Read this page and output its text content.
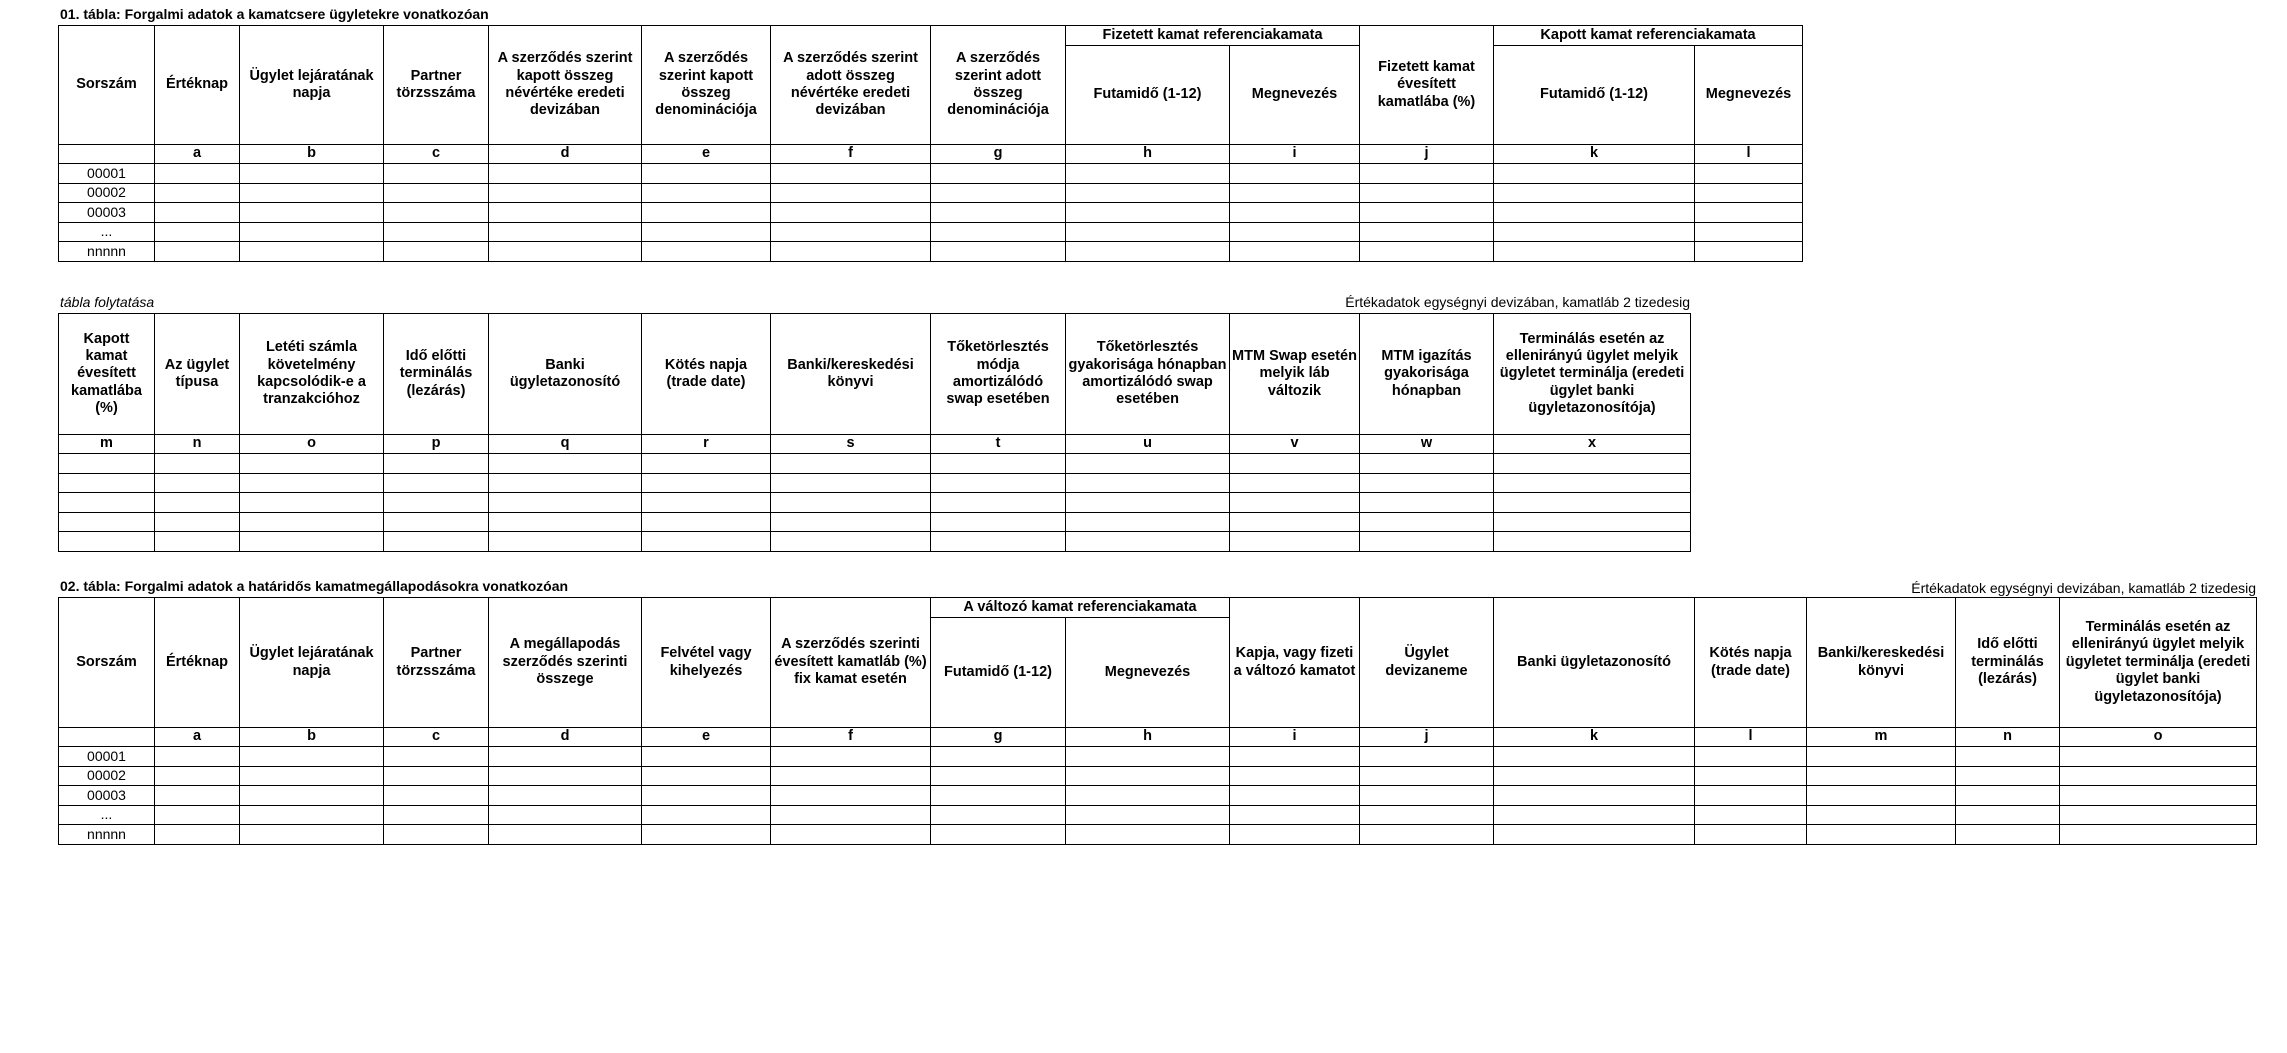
01. tábla: Forgalmi adatok a kamatcsere ügyletekre vonatkozóan
Sorszám	Értéknap	Ügylet lejáratának napja	Partner törzsszáma	A szerződés szerint kapott összeg névértéke eredeti devizában	A szerződés szerint kapott összeg denominációja	A szerződés szerint adott összeg névértéke eredeti devizában	A szerződés szerint adott összeg denominációja	Fizetett kamat referenciakamata		Fizetett kamat évesített kamatlába (%)	Kapott kamat referenciakamata	
								Futamidő (1-12)	Megnevezés		Futamidő (1-12)	Megnevezés
	a	b	c	d	e	f	g	h	i	j	k	l
00001												
00002												
00003												
...												
nnnnn												
tábla folytatása	Értékadatok egységnyi devizában, kamatláb 2 tizedesig
Kapott kamat évesített kamatlába (%)	Az ügylet típusa	Letéti számla követelmény kapcsolódik-e a tranzakcióhoz	Idő előtti terminálás (lezárás)	Banki ügyletazonosító	Kötés napja (trade date)	Banki/kereskedési könyvi	Tőketörlesztés módja amortizálódó swap esetében	Tőketörlesztés gyakorisága hónapban amortizálódó swap esetében	MTM Swap esetén melyik láb változik	MTM igazítás gyakorisága hónapban	Terminálás esetén az ellenirányú ügylet melyik ügyletet terminálja (eredeti ügylet banki ügyletazonosítója)
m	n	o	p	q	r	s	t	u	v	w	x

02. tábla: Forgalmi adatok a határidős kamatmegállapodásokra vonatkozóan	Értékadatok egységnyi devizában, kamatláb 2 tizedesig
Sorszám	Értéknap	Ügylet lejáratának napja	Partner törzsszáma	A megállapodás szerződés szerinti összege	Felvétel vagy kihelyezés	A szerződés szerinti évesített kamatláb (%) fix kamat esetén	A változó kamat referenciakamata		Kapja, vagy fizeti a változó kamatot	Ügylet devizaneme	Banki ügyletazonosító	Kötés napja (trade date)	Banki/kereskedési könyvi	Idő előtti terminálás (lezárás)	Terminálás esetén az ellenirányú ügylet melyik ügyletet terminálja (eredeti ügylet banki ügyletazonosítója)
							Futamidő (1-12)	Megnevezés							
	a	b	c	d	e	f	g	h	i	j	k	l	m	n	o
00001															
00002															
00003															
...															
nnnnn															
